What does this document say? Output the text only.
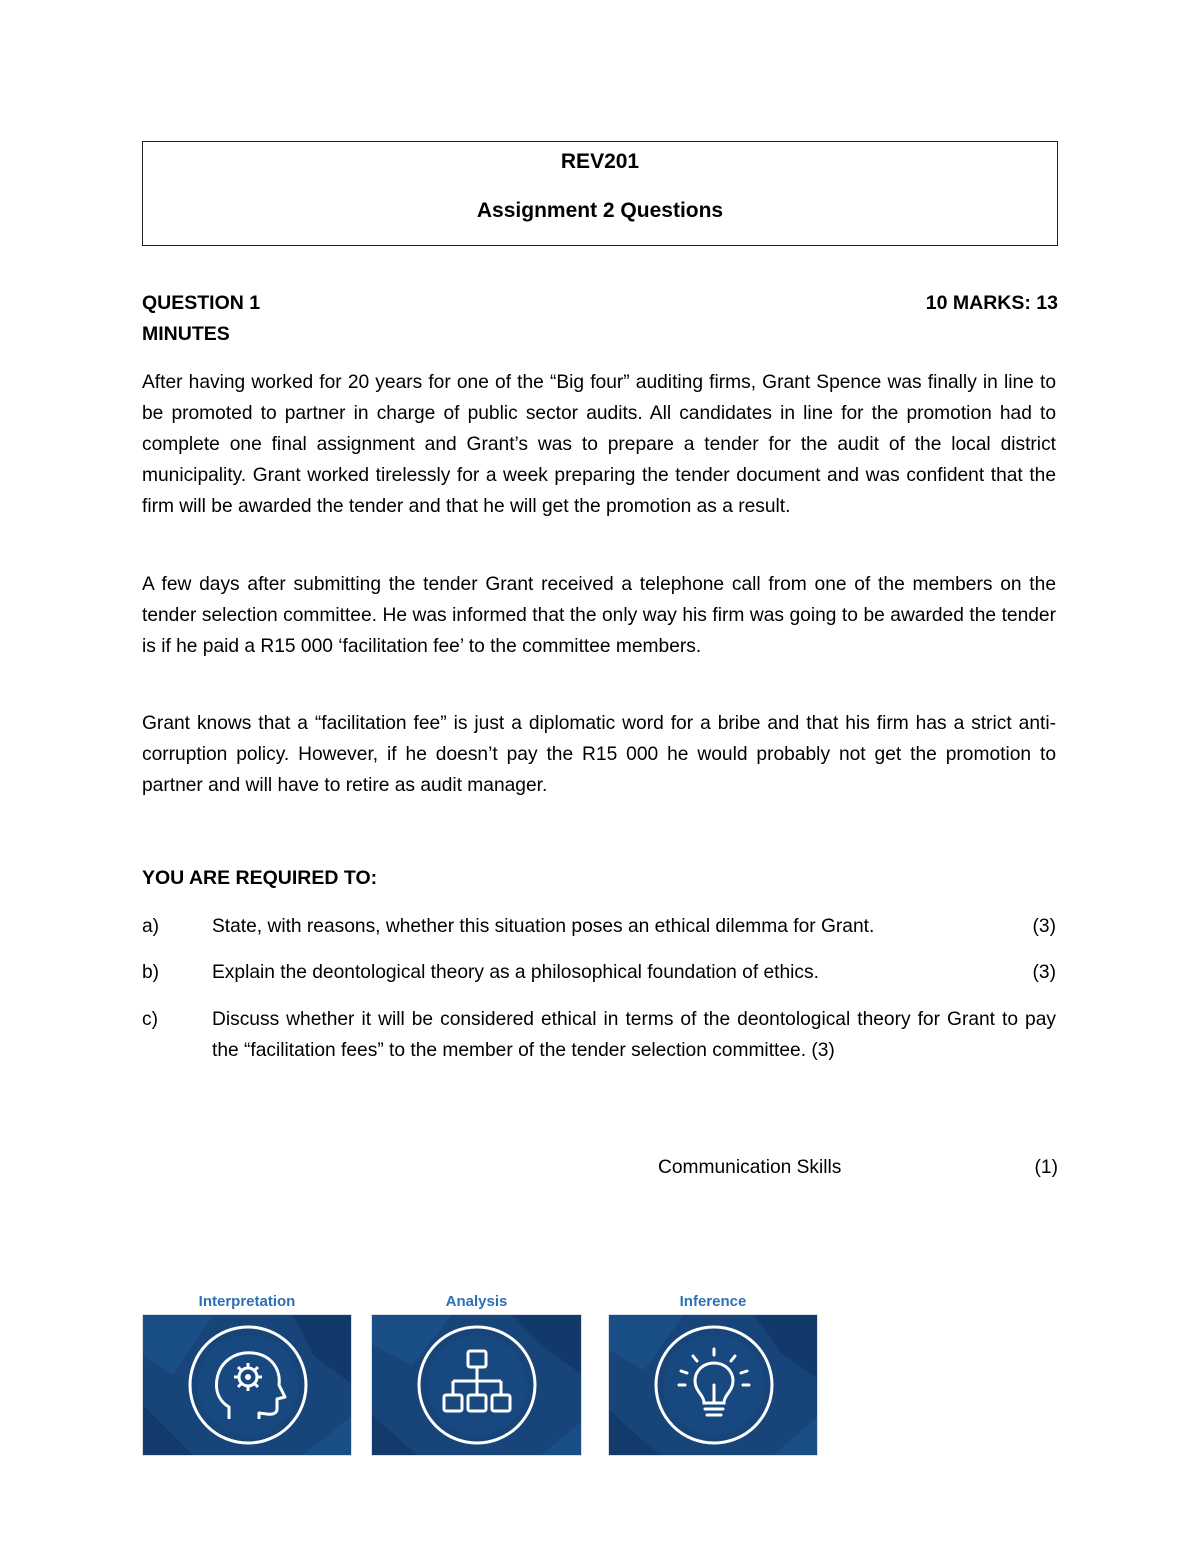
REV201
Assignment 2 Questions
QUESTION 1	10 MARKS: 13
MINUTES

After having worked for 20 years for one of the “Big four” auditing firms, Grant Spence was finally in line to be promoted to partner in charge of public sector audits. All candidates in line for the promotion had to complete one final assignment and Grant’s was to prepare a tender for the audit of the local district municipality. Grant worked tirelessly for a week preparing the tender document and was confident that the firm will be awarded the tender and that he will get the promotion as a result.

A few days after submitting the tender Grant received a telephone call from one of the members on the tender selection committee. He was informed that the only way his firm was going to be awarded the tender is if he paid a R15 000 ‘facilitation fee’ to the committee members.

Grant knows that a “facilitation fee” is just a diplomatic word for a bribe and that his firm has a strict anti-corruption policy. However, if he doesn’t pay the R15 000 he would probably not get the promotion to partner and will have to retire as audit manager.

YOU ARE REQUIRED TO:
a)	State, with reasons, whether this situation poses an ethical dilemma for Grant.	(3)
b)	Explain the deontological theory as a philosophical foundation of ethics.	(3)
c)	Discuss whether it will be considered ethical in terms of the deontological theory for Grant to pay the “facilitation fees” to the member of the tender selection committee. (3)
Communication Skills	(1)
Interpretation	Analysis	Inference
